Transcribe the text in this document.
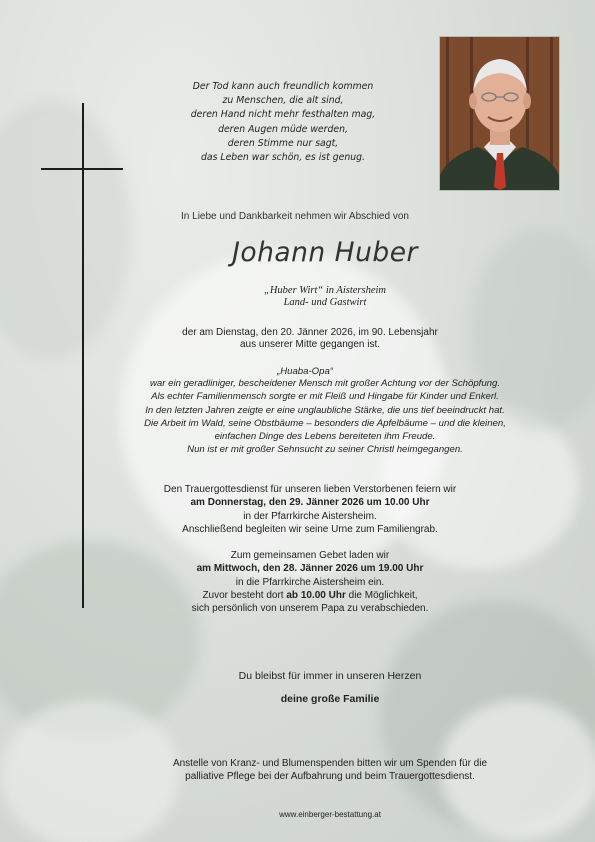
Der Tod kann auch freundlich kommen
zu Menschen, die alt sind,
deren Hand nicht mehr festhalten mag,
deren Augen müde werden,
deren Stimme nur sagt,
das Leben war schön, es ist genug.
In Liebe und Dankbarkeit nehmen wir Abschied von
Johann Huber
„Huber Wirt“ in Aistersheim
Land- und Gastwirt
der am Dienstag, den 20. Jänner 2026, im 90. Lebensjahr
aus unserer Mitte gegangen ist.
„Huaba-Opa“
war ein geradliniger, bescheidener Mensch mit großer Achtung vor der Schöpfung.
Als echter Familienmensch sorgte er mit Fleiß und Hingabe für Kinder und Enkerl.
In den letzten Jahren zeigte er eine unglaubliche Stärke, die uns tief beeindruckt hat.
Die Arbeit im Wald, seine Obstbäume – besonders die Apfelbäume – und die kleinen,
einfachen Dinge des Lebens bereiteten ihm Freude.
Nun ist er mit großer Sehnsucht zu seiner Christl heimgegangen.
Den Trauergottesdienst für unseren lieben Verstorbenen feiern wir
am Donnerstag, den 29. Jänner 2026 um 10.00 Uhr
in der Pfarrkirche Aistersheim.
Anschließend begleiten wir seine Urne zum Familiengrab.
Zum gemeinsamen Gebet laden wir
am Mittwoch, den 28. Jänner 2026 um 19.00 Uhr
in die Pfarrkirche Aistersheim ein.
Zuvor besteht dort ab 10.00 Uhr die Möglichkeit,
sich persönlich von unserem Papa zu verabschieden.
Du bleibst für immer in unseren Herzen
deine große Familie
Anstelle von Kranz- und Blumenspenden bitten wir um Spenden für die
palliative Pflege bei der Aufbahrung und beim Trauergottesdienst.
www.einberger-bestattung.at
